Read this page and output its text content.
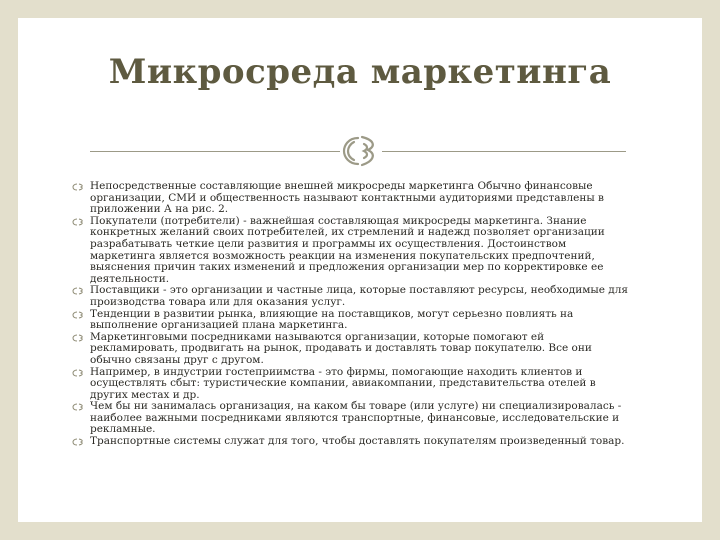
Микросреда маркетинга
Непосредственные составляющие внешней микросреды маркетинга Обычно финансовые организации, СМИ и общественность называют контактными аудиториями представлены в приложении А на рис. 2.
Покупатели (потребители) - важнейшая составляющая микросреды маркетинга. Знание конкретных желаний своих потребителей, их стремлений и надежд позволяет организации разрабатывать четкие цели развития и программы их осуществления. Достоинством маркетинга является возможность реакции на изменения покупательских предпочтений, выяснения причин таких изменений и предложения организации мер по корректировке ее деятельности.
Поставщики - это организации и частные лица, которые поставляют ресурсы, необходимые для производства товара или для оказания услуг.
Тенденции в развитии рынка, влияющие на поставщиков, могут серьезно повлиять на выполнение организацией плана маркетинга.
Маркетинговыми посредниками называются организации, которые помогают ей рекламировать, продвигать на рынок, продавать и доставлять товар покупателю. Все они обычно связаны друг с другом.
Например, в индустрии гостеприимства - это фирмы, помогающие находить клиентов и осуществлять сбыт: туристические компании, авиакомпании, представительства отелей в других местах и др.
Чем бы ни занималась организация, на каком бы товаре (или услуге) ни специализировалась - наиболее важными посредниками являются транспортные, финансовые, исследовательские и рекламные.
Транспортные системы служат для того, чтобы доставлять покупателям произведенный товар.
